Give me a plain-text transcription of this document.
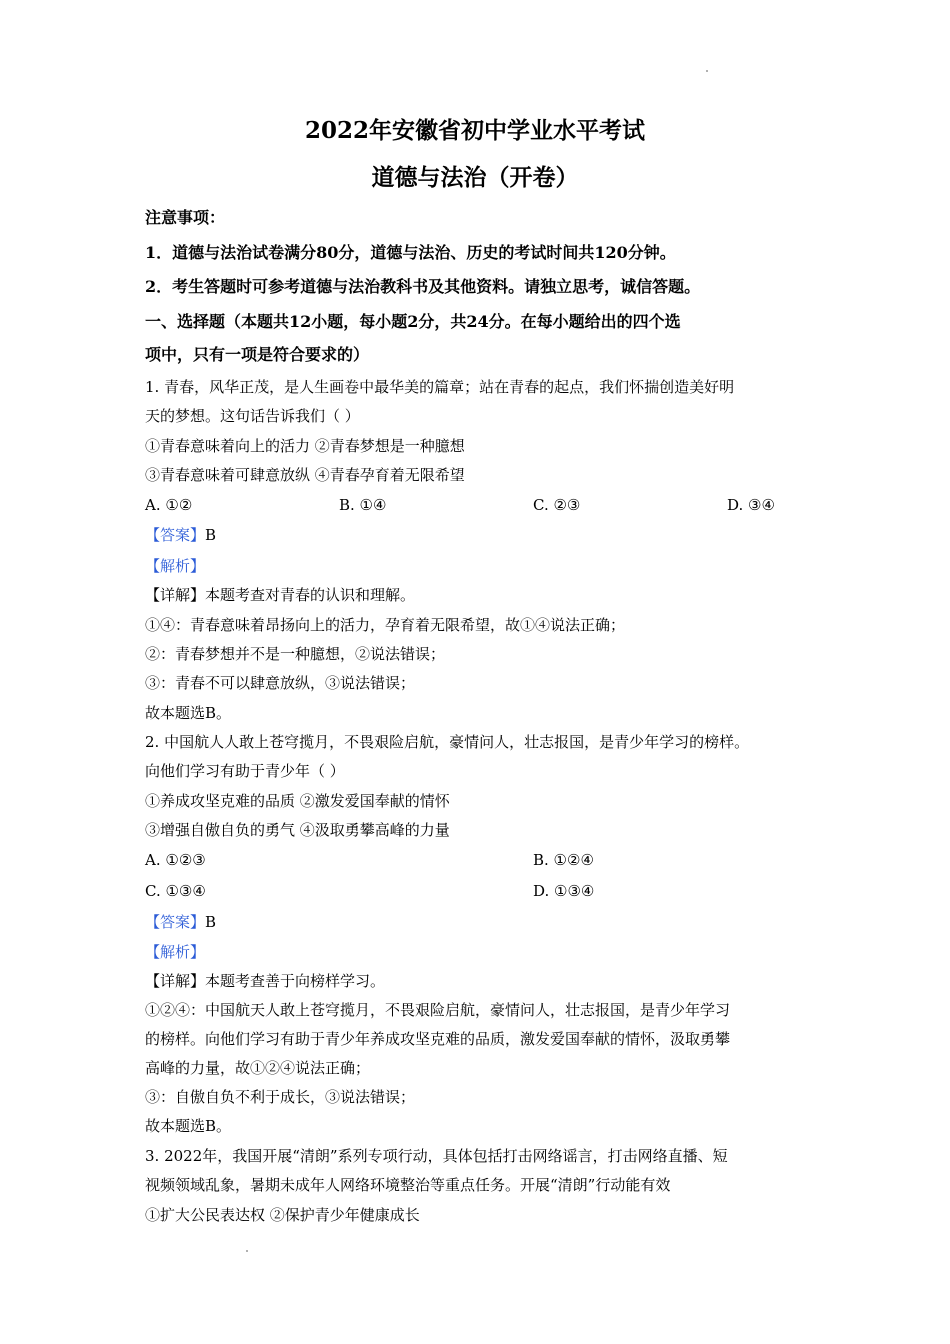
2022年安徽省初中学业水平考试
道德与法治（开卷）
注意事项：
1．道德与法治试卷满分80分，道德与法治、历史的考试时间共120分钟。
2．考生答题时可参考道德与法治教科书及其他资料。请独立思考，诚信答题。
一、选择题（本题共12小题，每小题2分，共24分。在每小题给出的四个选
项中，只有一项是符合要求的）
1. 青春，风华正茂，是人生画卷中最华美的篇章；站在青春的起点，我们怀揣创造美好明
天的梦想。这句话告诉我们（ ）
①青春意味着向上的活力 ②青春梦想是一种臆想
③青春意味着可肆意放纵 ④青春孕育着无限希望
A. ①②	B. ①④	C. ②③	D. ③④
【答案】B
【解析】
【详解】本题考查对青春的认识和理解。
①④：青春意味着昂扬向上的活力，孕育着无限希望，故①④说法正确；
②：青春梦想并不是一种臆想，②说法错误；
③：青春不可以肆意放纵，③说法错误；
故本题选B。
2. 中国航人人敢上苍穹揽月，不畏艰险启航，豪情问人，壮志报国，是青少年学习的榜样。
向他们学习有助于青少年（ ）
①养成攻坚克难的品质 ②激发爱国奉献的情怀
③增强自傲自负的勇气 ④汲取勇攀高峰的力量
A. ①②③	B. ①②④
C. ①③④	D. ①③④
【答案】B
【解析】
【详解】本题考查善于向榜样学习。
①②④：中国航天人敢上苍穹揽月，不畏艰险启航，豪情问人，壮志报国，是青少年学习
的榜样。向他们学习有助于青少年养成攻坚克难的品质，激发爱国奉献的情怀，汲取勇攀
高峰的力量，故①②④说法正确；
③：自傲自负不利于成长，③说法错误；
故本题选B。
3. 2022年，我国开展“清朗”系列专项行动，具体包括打击网络谣言，打击网络直播、短
视频领域乱象，暑期未成年人网络环境整治等重点任务。开展“清朗”行动能有效
①扩大公民表达权 ②保护青少年健康成长
